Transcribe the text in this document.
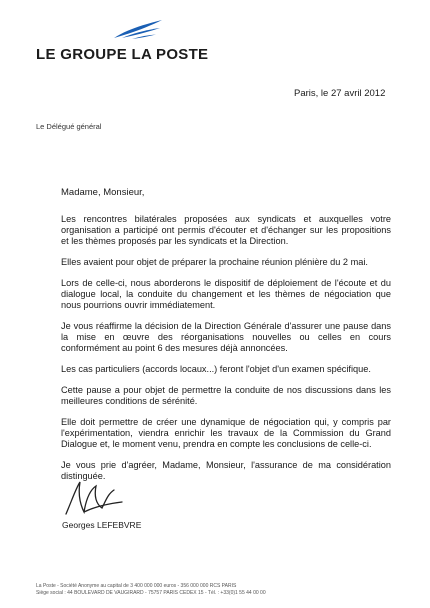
LE GROUPE LA POSTE
Paris, le 27 avril 2012
Le Délégué général
Madame, Monsieur,

Les rencontres bilatérales proposées aux syndicats et auxquelles votre organisation a participé ont permis d'écouter et d'échanger sur les propositions et les thèmes proposés par les syndicats et la Direction.

Elles avaient pour objet de préparer la prochaine réunion plénière du 2 mai.

Lors de celle-ci, nous aborderons le dispositif de déploiement de l'écoute et du dialogue local, la conduite du changement et les thèmes de négociation que nous pourrions ouvrir immédiatement.

Je vous réaffirme la décision de la Direction Générale d'assurer une pause dans la mise en œuvre des réorganisations nouvelles ou celles en cours conformément au point 6 des mesures déjà annoncées.

Les cas particuliers (accords locaux...) feront l'objet d'un examen spécifique.

Cette pause a pour objet de permettre la conduite de nos discussions dans les meilleures conditions de sérénité.

Elle doit permettre de créer une dynamique de négociation qui, y compris par l'expérimentation, viendra enrichir les travaux de la Commission du Grand Dialogue et, le moment venu, prendra en compte les conclusions de celle-ci.

Je vous prie d'agréer, Madame, Monsieur, l'assurance de ma considération distinguée.

Georges LEFEBVRE
La Poste - Société Anonyme au capital de 3 400 000 000 euros - 356 000 000 RCS PARIS
Siège social : 44 BOULEVARD DE VAUGIRARD - 75757 PARIS CEDEX 15 - Tél. : +33(0)1 55 44 00 00
